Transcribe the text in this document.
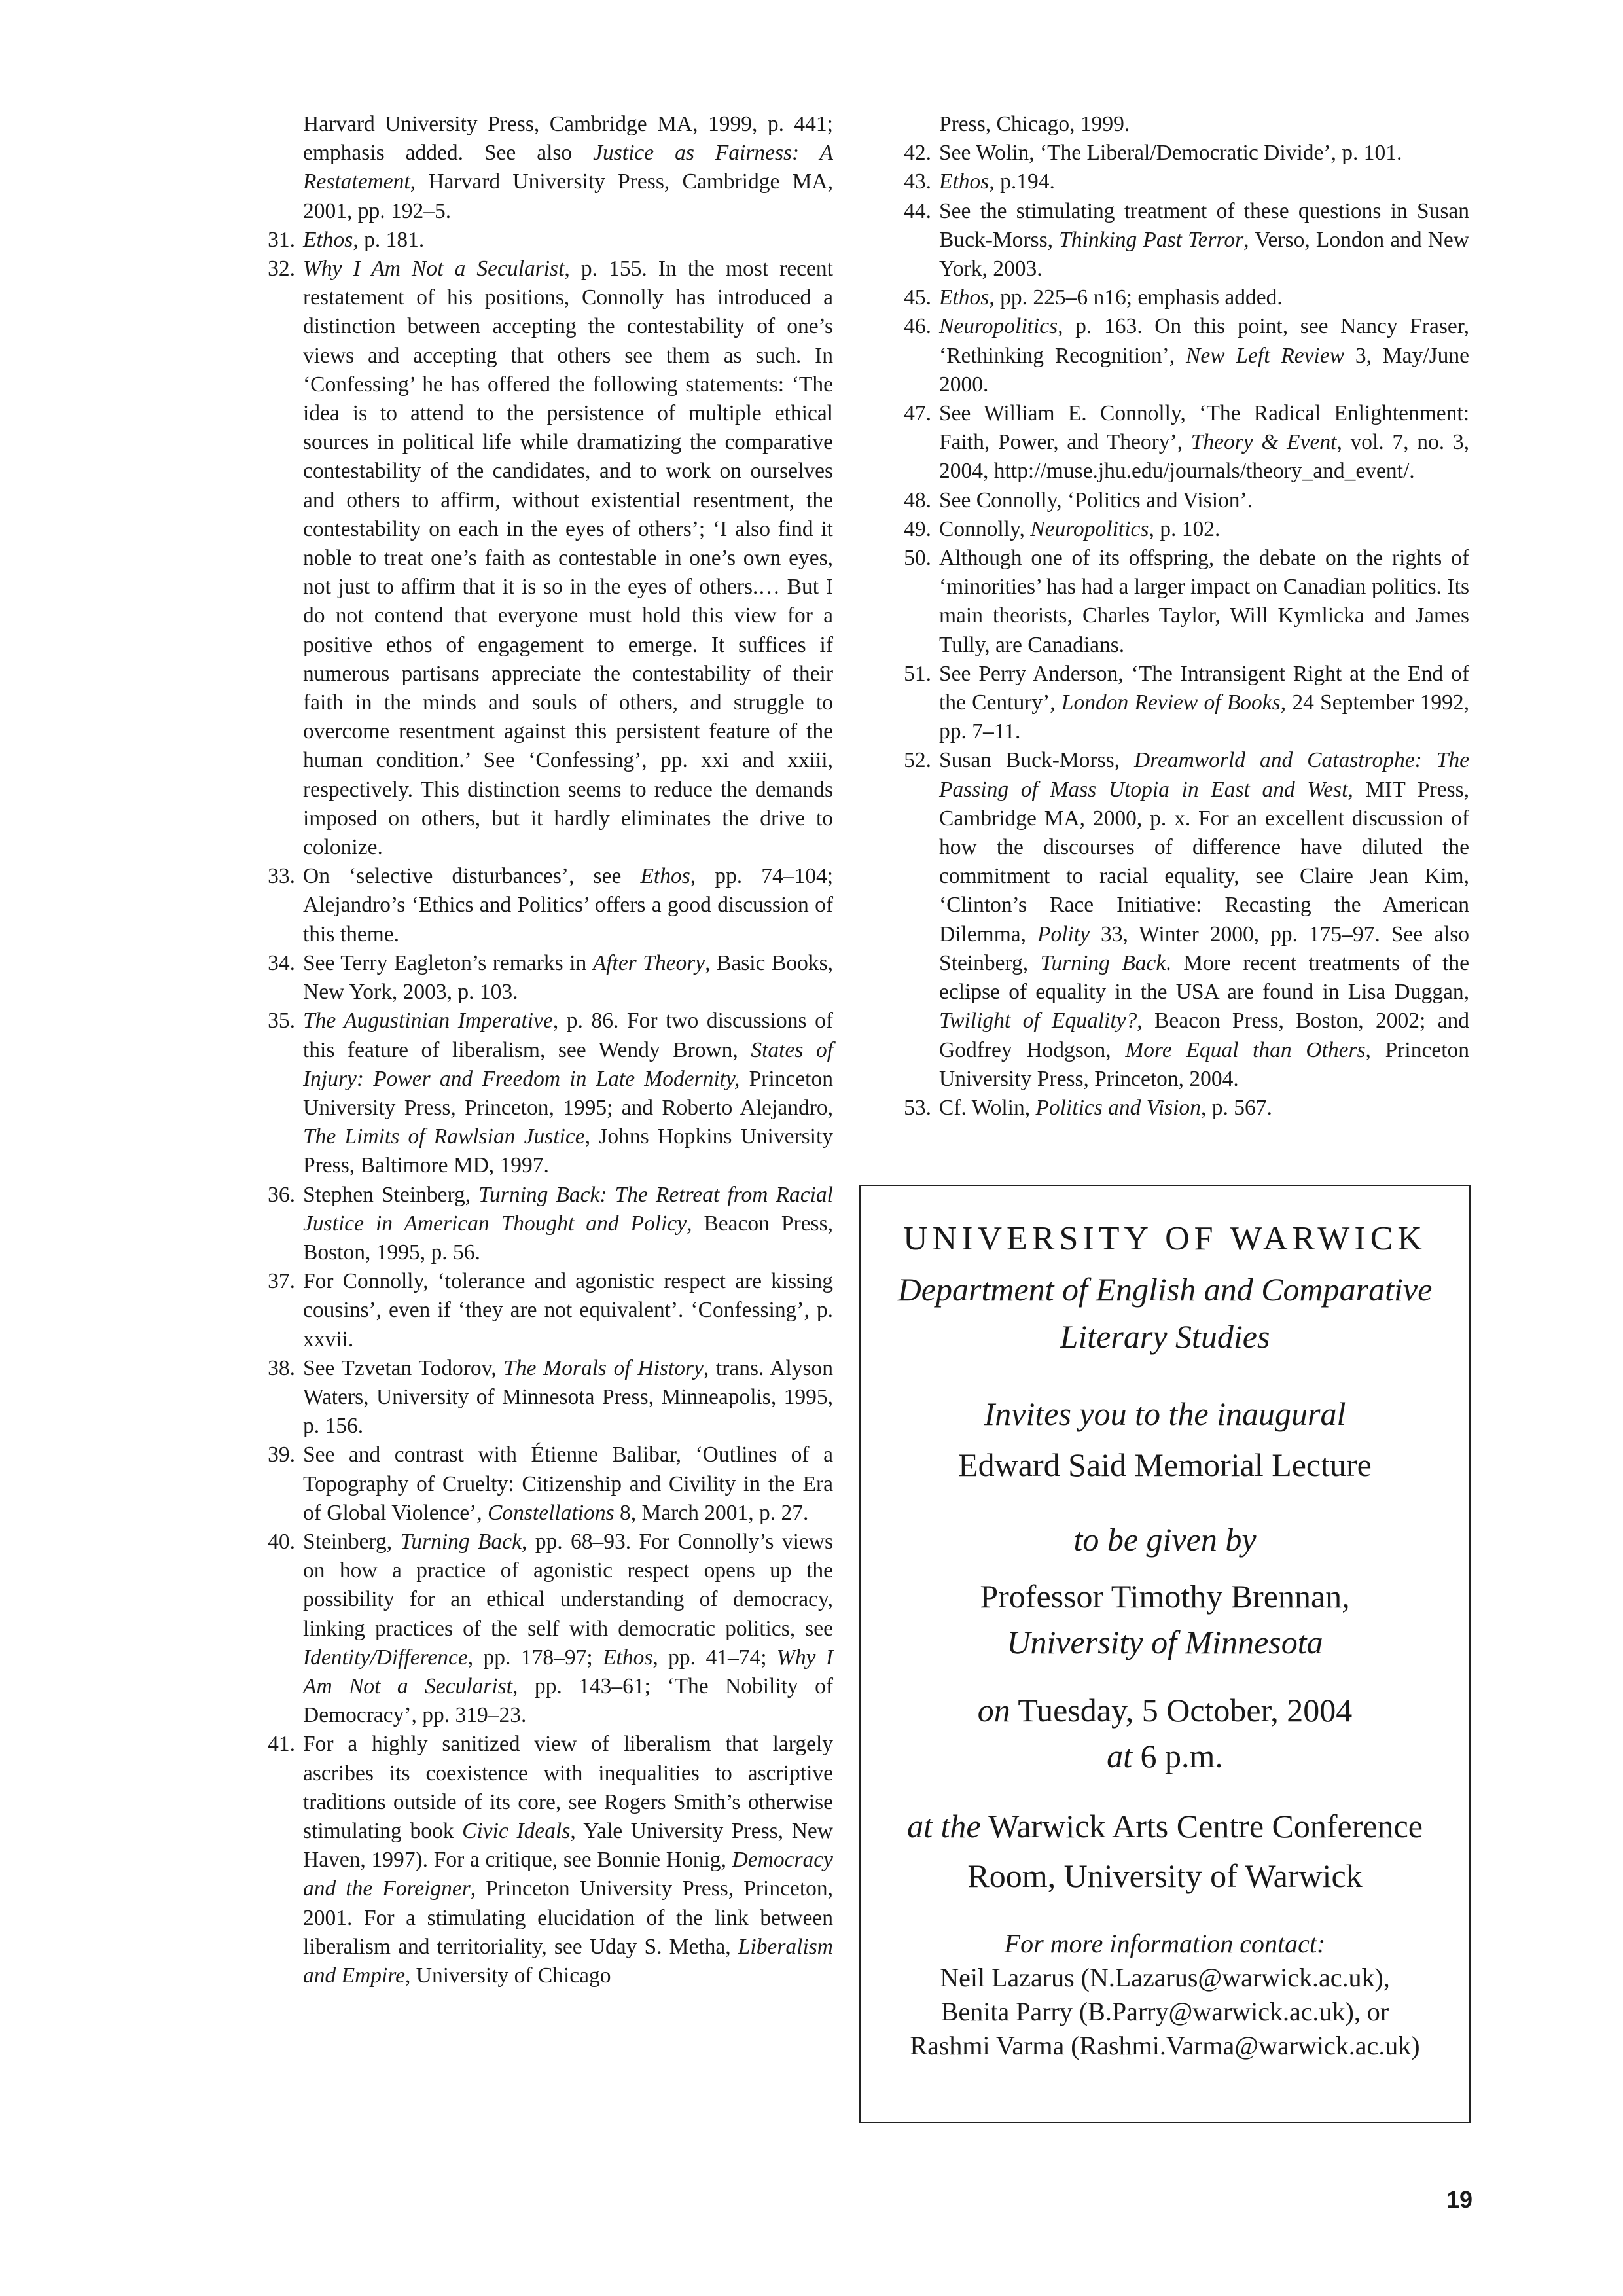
Harvard University Press, Cambridge MA, 1999, p. 441; emphasis added. See also Justice as Fairness: A Restatement, Harvard University Press, Cambridge MA, 2001, pp. 192–5.
31. Ethos, p. 181.
32. Why I Am Not a Secularist, p. 155. In the most recent restatement of his positions, Connolly has introduced a distinction between accepting the contestability of one’s views and accepting that others see them as such. In ‘Confessing’ he has offered the following statements: ‘The idea is to attend to the persistence of multiple ethical sources in political life while dramatizing the comparative contestability of the candidates, and to work on ourselves and others to affirm, without existential resentment, the contestability on each in the eyes of others’; ‘I also find it noble to treat one’s faith as contestable in one’s own eyes, not just to affirm that it is so in the eyes of others.… But I do not contend that everyone must hold this view for a positive ethos of engagement to emerge. It suffices if numerous partisans appreciate the contestability of their faith in the minds and souls of others, and struggle to overcome resentment against this persistent feature of the human condition.’ See ‘Confessing’, pp. xxi and xxiii, respectively. This distinction seems to reduce the demands imposed on others, but it hardly eliminates the drive to colonize.
33. On ‘selective disturbances’, see Ethos, pp. 74–104; Alejandro’s ‘Ethics and Politics’ offers a good discussion of this theme.
34. See Terry Eagleton’s remarks in After Theory, Basic Books, New York, 2003, p. 103.
35. The Augustinian Imperative, p. 86. For two discussions of this feature of liberalism, see Wendy Brown, States of Injury: Power and Freedom in Late Modernity, Princeton University Press, Princeton, 1995; and Roberto Alejandro, The Limits of Rawlsian Justice, Johns Hopkins University Press, Baltimore MD, 1997.
36. Stephen Steinberg, Turning Back: The Retreat from Racial Justice in American Thought and Policy, Beacon Press, Boston, 1995, p. 56.
37. For Connolly, ‘tolerance and agonistic respect are kissing cousins’, even if ‘they are not equivalent’. ‘Confessing’, p. xxvii.
38. See Tzvetan Todorov, The Morals of History, trans. Alyson Waters, University of Minnesota Press, Minneapolis, 1995, p. 156.
39. See and contrast with Étienne Balibar, ‘Outlines of a Topography of Cruelty: Citizenship and Civility in the Era of Global Violence’, Constellations 8, March 2001, p. 27.
40. Steinberg, Turning Back, pp. 68–93. For Connolly’s views on how a practice of agonistic respect opens up the possibility for an ethical understanding of democracy, linking practices of the self with democratic politics, see Identity/Difference, pp. 178–97; Ethos, pp. 41–74; Why I Am Not a Secularist, pp. 143–61; ‘The Nobility of Democracy’, pp. 319–23.
41. For a highly sanitized view of liberalism that largely ascribes its coexistence with inequalities to ascriptive traditions outside of its core, see Rogers Smith’s otherwise stimulating book Civic Ideals, Yale University Press, New Haven, 1997). For a critique, see Bonnie Honig, Democracy and the Foreigner, Princeton University Press, Princeton, 2001. For a stimulating elucidation of the link between liberalism and territoriality, see Uday S. Metha, Liberalism and Empire, University of Chicago
Press, Chicago, 1999.
42. See Wolin, ‘The Liberal/Democratic Divide’, p. 101.
43. Ethos, p.194.
44. See the stimulating treatment of these questions in Susan Buck-Morss, Thinking Past Terror, Verso, London and New York, 2003.
45. Ethos, pp. 225–6 n16; emphasis added.
46. Neuropolitics, p. 163. On this point, see Nancy Fraser, ‘Rethinking Recognition’, New Left Review 3, May/June 2000.
47. See William E. Connolly, ‘The Radical Enlightenment: Faith, Power, and Theory’, Theory & Event, vol. 7, no. 3, 2004, http://muse.jhu.edu/journals/theory_and_event/.
48. See Connolly, ‘Politics and Vision’.
49. Connolly, Neuropolitics, p. 102.
50. Although one of its offspring, the debate on the rights of ‘minorities’ has had a larger impact on Canadian politics. Its main theorists, Charles Taylor, Will Kymlicka and James Tully, are Canadians.
51. See Perry Anderson, ‘The Intransigent Right at the End of the Century’, London Review of Books, 24 September 1992, pp. 7–11.
52. Susan Buck-Morss, Dreamworld and Catastrophe: The Passing of Mass Utopia in East and West, MIT Press, Cambridge MA, 2000, p. x. For an excellent discussion of how the discourses of difference have diluted the commitment to racial equality, see Claire Jean Kim, ‘Clinton’s Race Initiative: Recasting the American Dilemma, Polity 33, Winter 2000, pp. 175–97. See also Steinberg, Turning Back. More recent treatments of the eclipse of equality in the USA are found in Lisa Duggan, Twilight of Equality?, Beacon Press, Boston, 2002; and Godfrey Hodgson, More Equal than Others, Princeton University Press, Princeton, 2004.
53. Cf. Wolin, Politics and Vision, p. 567.
UNIVERSITY OF WARWICK
Department of English and Comparative
Literary Studies
Invites you to the inaugural
Edward Said Memorial Lecture
to be given by
Professor Timothy Brennan,
University of Minnesota
on Tuesday, 5 October, 2004
at 6 p.m.
at the Warwick Arts Centre Conference
Room, University of Warwick
For more information contact:
Neil Lazarus (N.Lazarus@warwick.ac.uk),
Benita Parry (B.Parry@warwick.ac.uk), or
Rashmi Varma (Rashmi.Varma@warwick.ac.uk)
19
